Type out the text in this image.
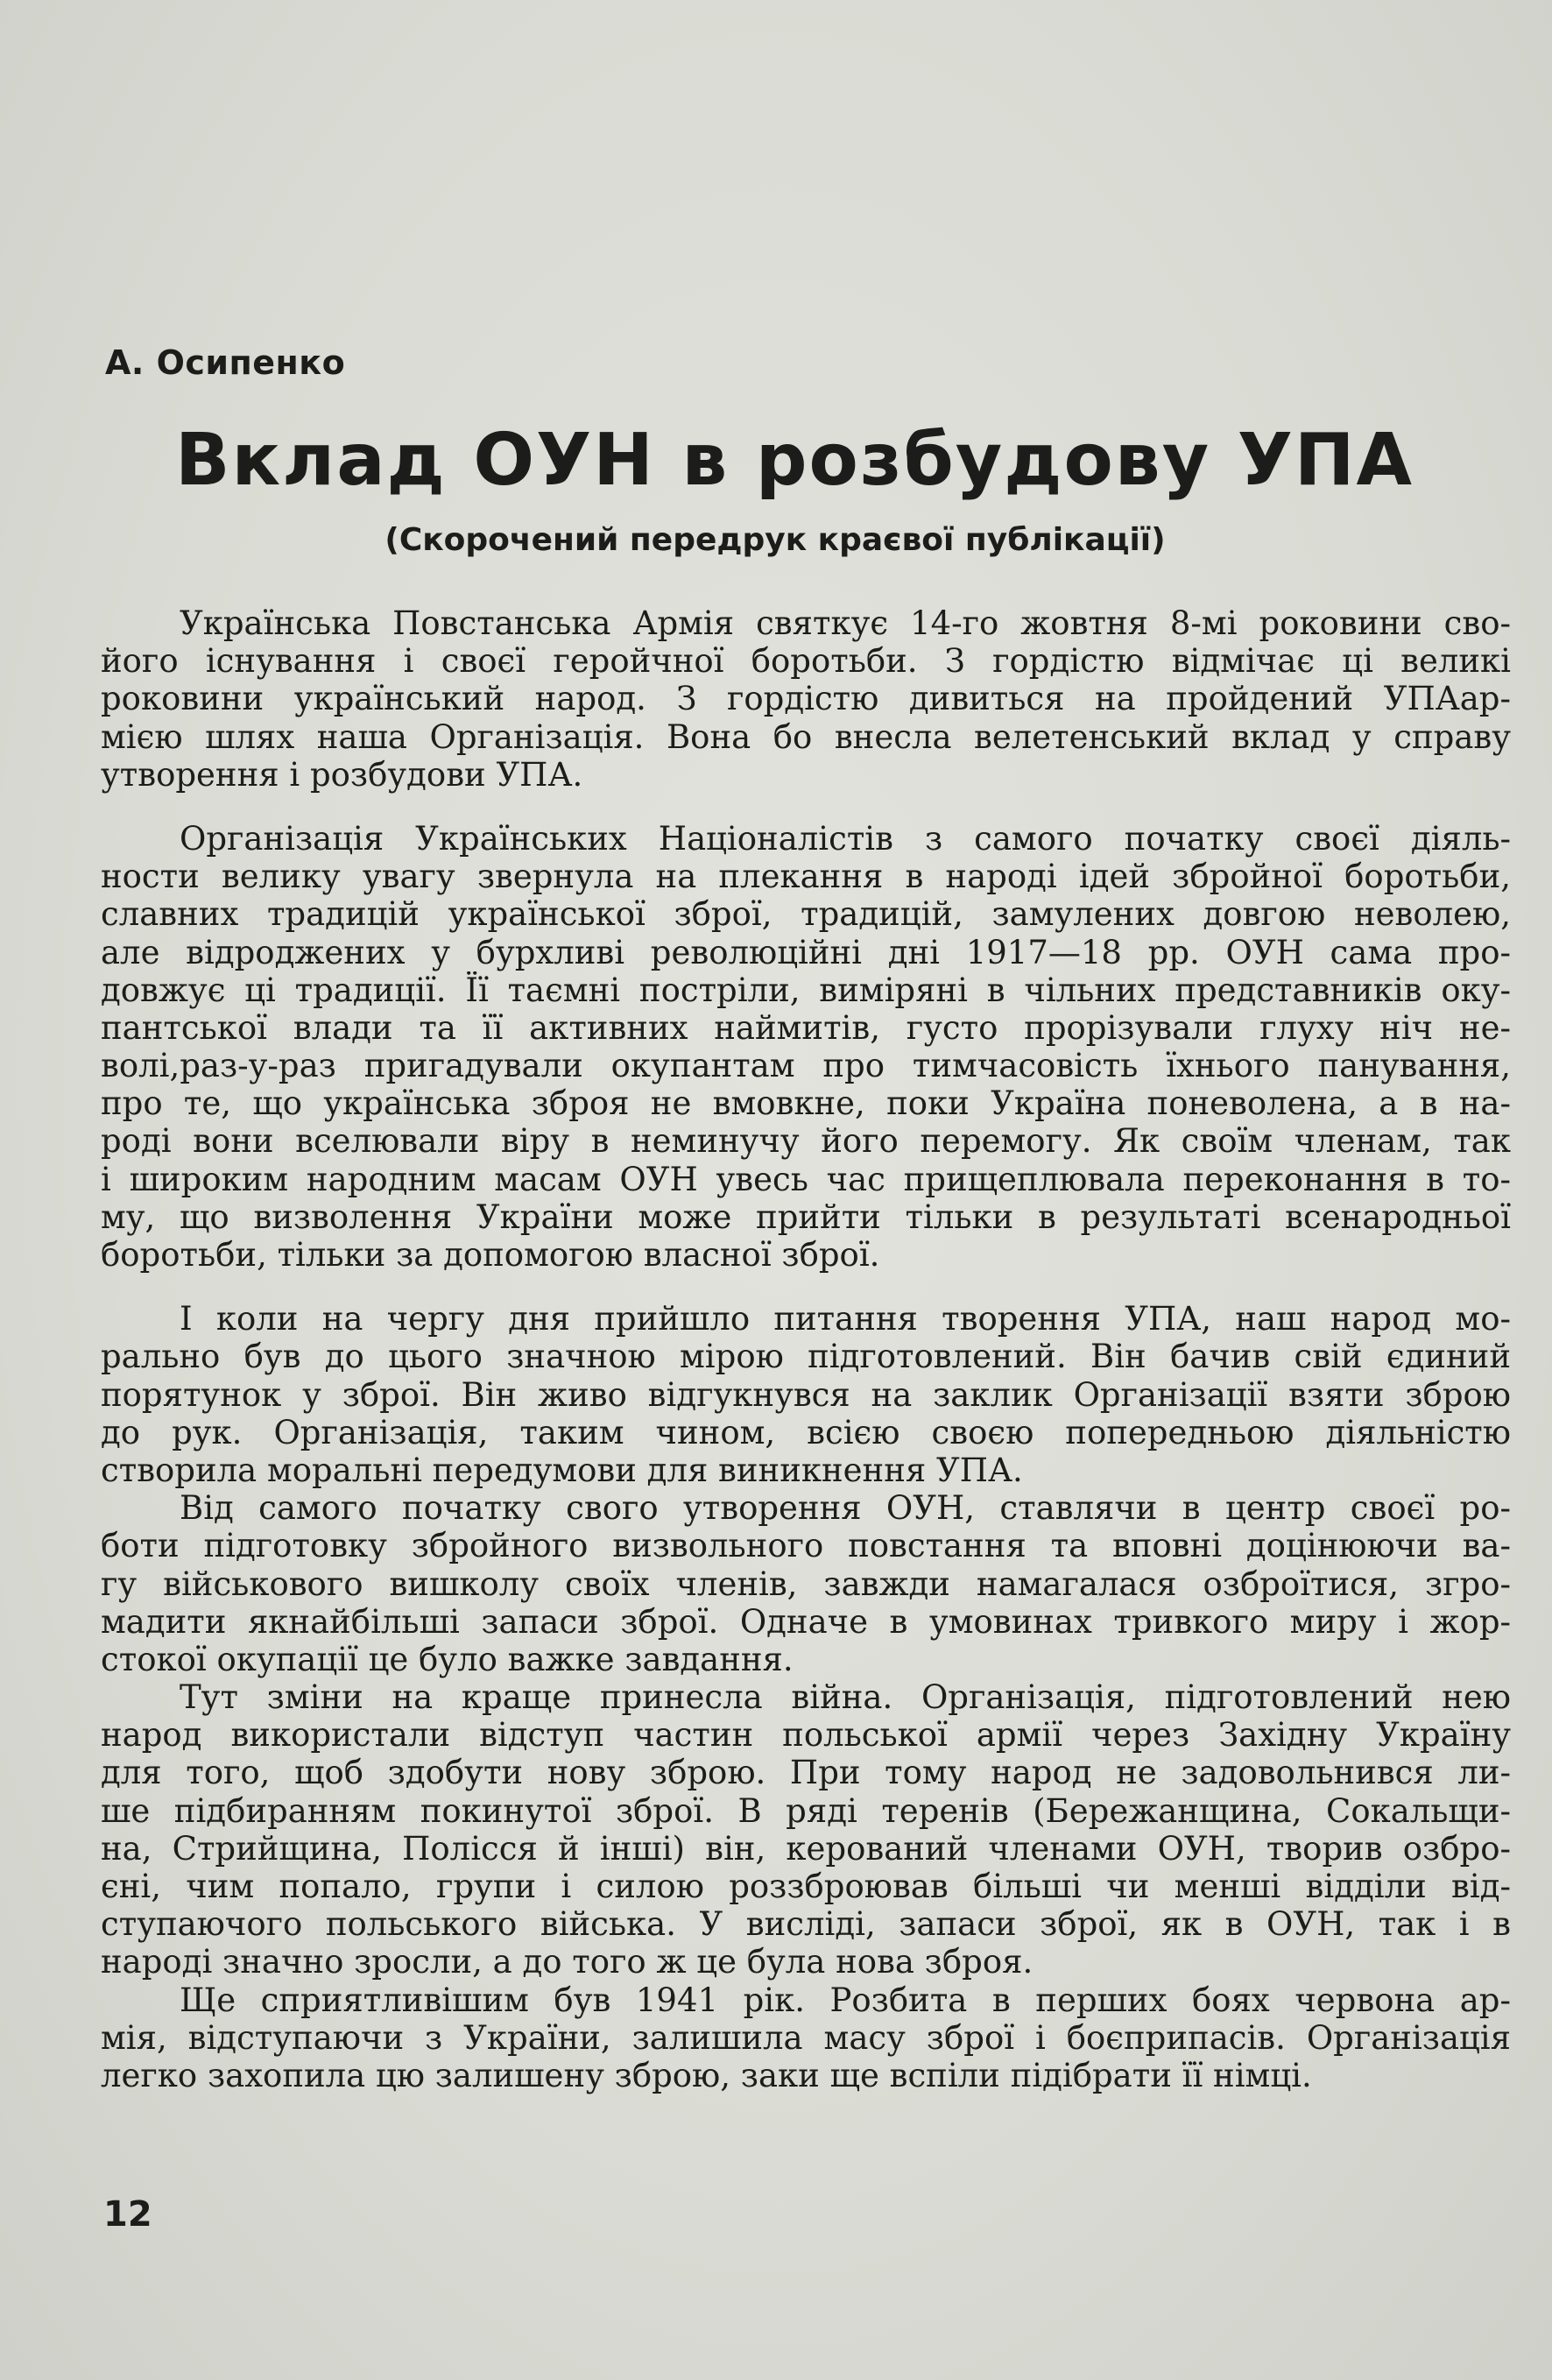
А. Осипенко
Вклад ОУН в розбудову УПА
(Скорочений передрук краєвої публікації)
Українська Повстанська Армія святкує 14-го жовтня 8-мі роковини сво-
його існування і своєї геройчної боротьби. З гордістю відмічає ці великі
роковини український народ. З гордістю дивиться на пройдений УПАар-
мією шлях наша Організація. Вона бо внесла велетенський вклад у справу
утворення і розбудови УПА.
Організація Українських Націоналістів з самого початку своєї діяль-
ности велику увагу звернула на плекання в народі ідей збройної боротьби,
славних традицій української зброї, традицій, замулених довгою неволею,
але відроджених у бурхливі революційні дні 1917—18 рр. ОУН сама про-
довжує ці традиції. Її таємні постріли, виміряні в чільних представників оку-
пантської влади та її активних наймитів, густо прорізували глуху ніч не-
волі,раз-у-раз пригадували окупантам про тимчасовість їхнього панування,
про те, що українська зброя не вмовкне, поки Україна поневолена, а в на-
роді вони вселювали віру в неминучу його перемогу. Як своїм членам, так
і широким народним масам ОУН увесь час прищеплювала переконання в то-
му, що визволення України може прийти тільки в результаті всенародньої
боротьби, тільки за допомогою власної зброї.
І коли на чергу дня прийшло питання творення УПА, наш народ мо-
рально був до цього значною мірою підготовлений. Він бачив свій єдиний
порятунок у зброї. Він живо відгукнувся на заклик Організації взяти зброю
до рук. Організація, таким чином, всією своєю попередньою діяльністю
створила моральні передумови для виникнення УПА.
Від самого початку свого утворення ОУН, ставлячи в центр своєї ро-
боти підготовку збройного визвольного повстання та вповні доцінюючи ва-
гу військового вишколу своїх членів, завжди намагалася озброїтися, згро-
мадити якнайбільші запаси зброї. Одначе в умовинах тривкого миру і жор-
стокої окупації це було важке завдання.
Тут зміни на краще принесла війна. Організація, підготовлений нею
народ використали відступ частин польської армії через Західну Україну
для того, щоб здобути нову зброю. При тому народ не задовольнився ли-
ше підбиранням покинутої зброї. В ряді теренів (Бережанщина, Сокальщи-
на, Стрийщина, Полісся й інші) він, керований членами ОУН, творив озбро-
єні, чим попало, групи і силою роззброював більші чи менші відділи від-
ступаючого польського війська. У висліді, запаси зброї, як в ОУН, так і в
народі значно зросли, а до того ж це була нова зброя.
Ще сприятливішим був 1941 рік. Розбита в перших боях червона ар-
мія, відступаючи з України, залишила масу зброї і боєприпасів. Організація
легко захопила цю залишену зброю, заки ще вспіли підібрати її німці.
12
